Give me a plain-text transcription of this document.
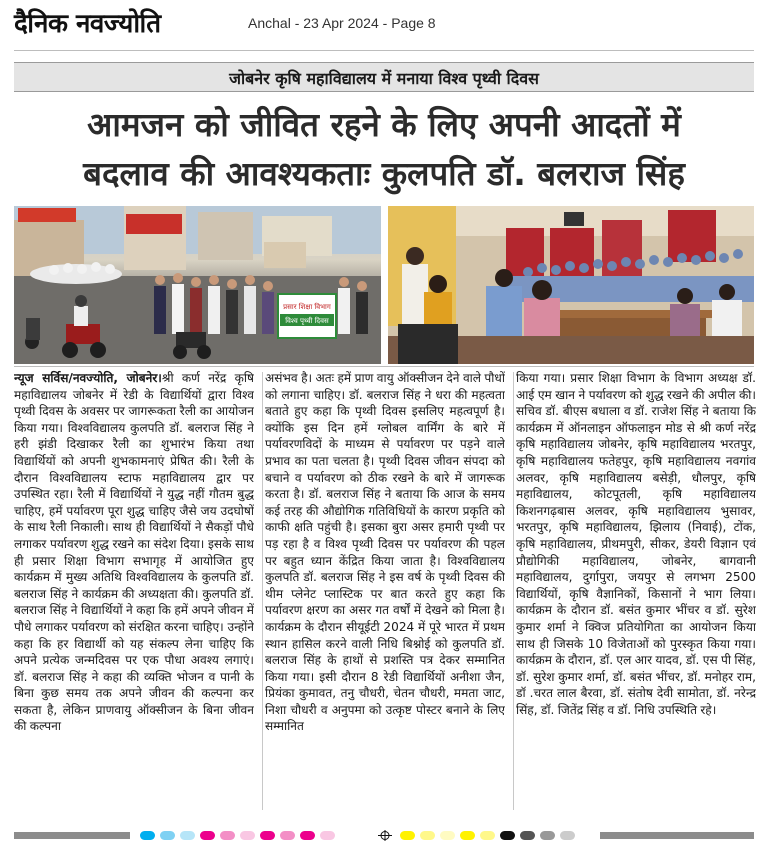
दैनिक नवज्योति	Anchal - 23 Apr 2024 - Page 8
जोबनेर कृषि महाविद्यालय में मनाया विश्व पृथ्वी दिवस
आमजन को जीवित रहने के लिए अपनी आदतों में
बदलाव की आवश्यकताः कुलपति डॉ. बलराज सिंह
प्रसार शिक्षा विभाग
विश्व पृथ्वी दिवस
न्यूज सर्विस/नवज्योति, जोबनेर।श्री कर्ण नरेंद्र कृषि महाविद्यालय जोबनेर में रेडी के विद्यार्थियों द्वारा विश्व पृथ्वी दिवस के अवसर पर जागरूकता रैली का आयोजन किया गया। विश्वविद्यालय कुलपति डॉ. बलराज सिंह ने हरी झंडी दिखाकर रैली का शुभारंभ किया तथा विद्यार्थियों को अपनी शुभकामनाएं प्रेषित की। रैली के दौरान विश्वविद्यालय स्टाफ महाविद्यालय द्वार पर उपस्थित रहा। रैली में विद्यार्थियों ने युद्ध नहीं गौतम बुद्ध चाहिए, हमें पर्यावरण पूरा शुद्ध चाहिए जैसे जय उदघोषों के साथ रैली निकाली। साथ ही विद्यार्थियों ने सैकड़ों पौधे लगाकर पर्यावरण शुद्ध रखने का संदेश दिया। इसके साथ ही प्रसार शिक्षा विभाग सभागृह में आयोजित हुए कार्यक्रम में मुख्य अतिथि विश्वविद्यालय के कुलपति डॉ. बलराज सिंह ने कार्यक्रम की अध्यक्षता की। कुलपति डॉ. बलराज सिंह ने विद्यार्थियों ने कहा कि हमें अपने जीवन में पौधे लगाकर पर्यावरण को संरक्षित करना चाहिए। उन्होंने कहा कि हर विद्यार्थी को यह संकल्प लेना चाहिए कि अपने प्रत्येक जन्मदिवस पर एक पौधा अवश्य लगाएं। डॉ. बलराज सिंह ने कहा की व्यक्ति भोजन व पानी के बिना कुछ समय तक अपने जीवन की कल्पना कर सकता है, लेकिन प्राणवायु ऑक्सीजन के बिना जीवन की कल्पना
असंभव है। अतः हमें प्राण वायु ऑक्सीजन देने वाले पौधों को लगाना चाहिए। डॉ. बलराज सिंह ने धरा की महत्वता बताते हुए कहा कि पृथ्वी दिवस इसलिए महत्वपूर्ण है। क्योंकि इस दिन हमें ग्लोबल वार्मिंग के बारे में पर्यावरणविदों के माध्यम से पर्यावरण पर पड़ने वाले प्रभाव का पता चलता है। पृथ्वी दिवस जीवन संपदा को बचाने व पर्यावरण को ठीक रखने के बारे में जागरूक करता है। डॉ. बलराज सिंह ने बताया कि आज के समय कई तरह की औद्योगिक गतिविधियों के कारण प्रकृति को काफी क्षति पहुंची है। इसका बुरा असर हमारी पृथ्वी पर पड़ रहा है व विश्व पृथ्वी दिवस पर पर्यावरण की पहल पर बहुत ध्यान केंद्रित किया जाता है। विश्वविद्यालय कुलपति डॉ. बलराज सिंह ने इस वर्ष के पृथ्वी दिवस की थीम प्लेनेट प्लास्टिक पर बात करते हुए कहा कि पर्यावरण क्षरण का असर गत वर्षों में देखने को मिला है। कार्यक्रम के दौरान सीयूईटी 2024 में पूरे भारत में प्रथम स्थान हासिल करने वाली निधि बिश्नोई को कुलपति डॉ. बलराज सिंह के हाथों से प्रशस्ति पत्र देकर सम्मानित किया गया। इसी दौरान 8 रेडी विद्यार्थियों अनीशा जैन, प्रियंका कुमावत, तनु चौधरी, चेतन चौधरी, ममता जाट, निशा चौधरी व अनुपमा को उत्कृष्ट पोस्टर बनाने के लिए सम्मानित
किया गया। प्रसार शिक्षा विभाग के विभाग अध्यक्ष डॉ. आई एम खान ने पर्यावरण को शुद्ध रखने की अपील की। सचिव डॉ. बीएस बधाला व डॉ. राजेश सिंह ने बताया कि कार्यक्रम में ऑनलाइन ऑफलाइन मोड से श्री कर्ण नरेंद्र कृषि महाविद्यालय जोबनेर, कृषि महाविद्यालय भरतपुर, कृषि महाविद्यालय फतेहपुर, कृषि महाविद्यालय नवगांव अलवर, कृषि महाविद्यालय बसेड़ी, धौलपुर, कृषि महाविद्यालय, कोटपूतली, कृषि महाविद्यालय किशनगढ़बास अलवर, कृषि महाविद्यालय भुसावर, भरतपुर, कृषि महाविद्यालय, झिलाय (निवाई), टोंक, कृषि महाविद्यालय, प्रीथमपुरी, सीकर, डेयरी विज्ञान एवं प्रौद्योगिकी महाविद्यालय, जोबनेर, बागवानी महाविद्यालय, दुर्गापुरा, जयपुर से लगभग 2500 विद्यार्थियों, कृषि वैज्ञानिकों, किसानों ने भाग लिया। कार्यक्रम के दौरान डॉ. बसंत कुमार भींचर व डॉ. सुरेश कुमार शर्मा ने क्विज प्रतियोगिता का आयोजन किया साथ ही जिसके 10 विजेताओं को पुरस्कृत किया गया। कार्यक्रम के दौरान, डॉ. एल आर यादव, डॉ. एस पी सिंह, डॉ. सुरेश कुमार शर्मा, डॉ. बसंत भींचर, डॉ. मनोहर राम, डॉ .चरत लाल बैरवा, डॉ. संतोष देवी सामोता, डॉ. नरेन्द्र सिंह, डॉ. जितेंद्र सिंह व डॉ. निधि उपस्थिति रहे।
